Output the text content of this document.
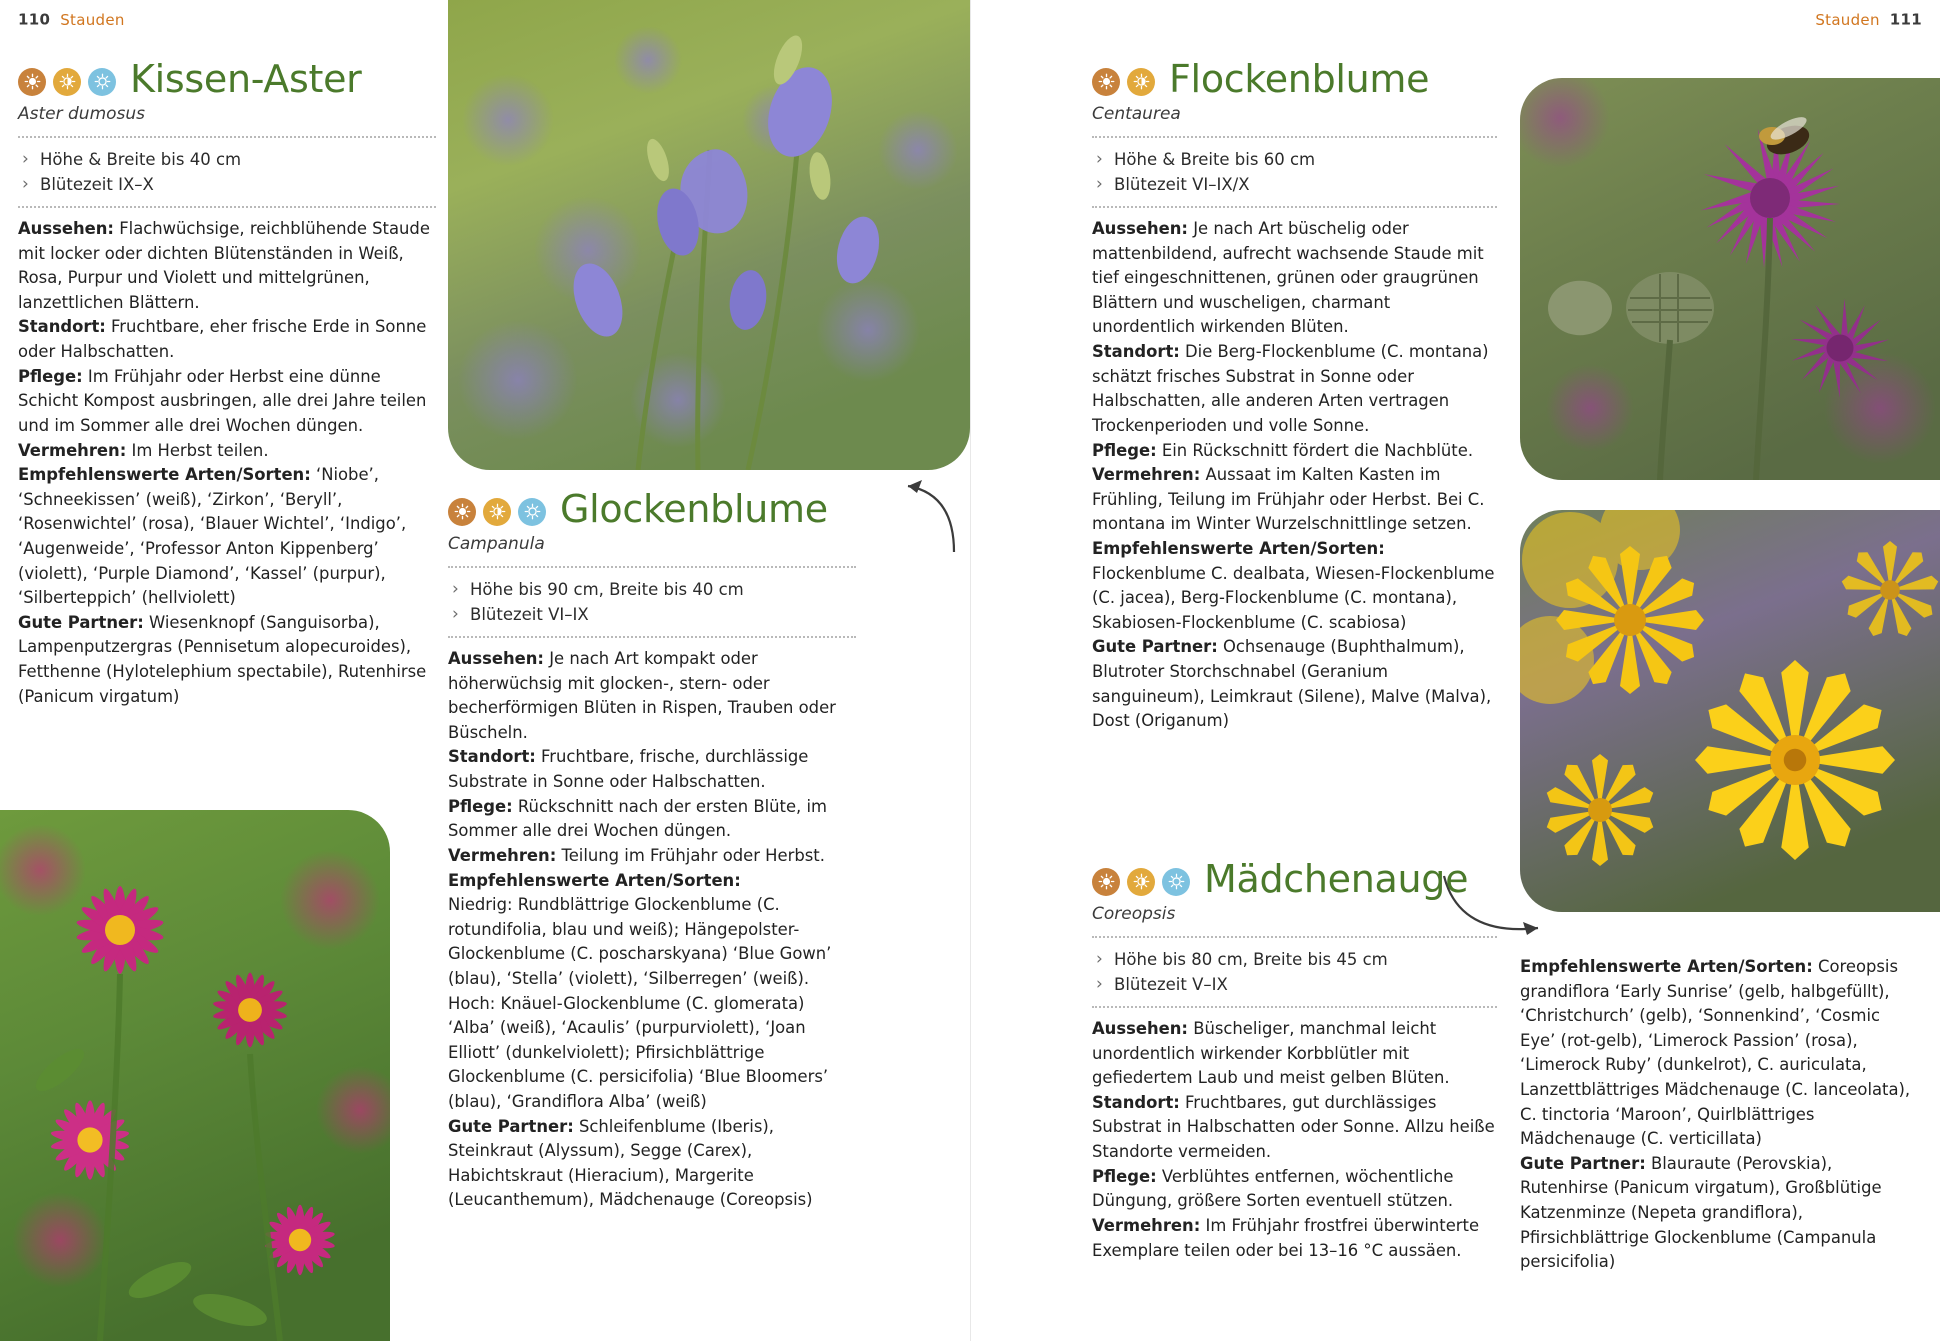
110 Stauden	Stauden 111
Kissen-Aster

Aster dumosus

› Höhe & Breite bis 40 cm
› Blütezeit IX–X

Aussehen: Flachwüchsige, reichblühende Staude mit locker oder dichten Blütenständen in Weiß, Rosa, Purpur und Violett und mittelgrünen, lanzettlichen Blättern.

Standort: Fruchtbare, eher frische Erde in Sonne oder Halbschatten.

Pflege: Im Frühjahr oder Herbst eine dünne Schicht Kompost ausbringen, alle drei Jahre teilen und im Sommer alle drei Wochen düngen.

Vermehren: Im Herbst teilen.

Empfehlenswerte Arten/Sorten: ‘Niobe’, ‘Schneekissen’ (weiß), ‘Zirkon’, ‘Beryll’, ‘Rosenwichtel’ (rosa), ‘Blauer Wichtel’, ‘Indigo’, ‘Augenweide’, ‘Professor Anton Kippenberg’ (violett), ‘Purple Diamond’, ‘Kassel’ (purpur), ‘Silberteppich’ (hellviolett)

Gute Partner: Wiesenknopf (Sanguisorba), Lampenputzergras (Pennisetum alopecuroides), Fetthenne (Hylotelephium spectabile), Rutenhirse (Panicum virgatum)

Glockenblume

Campanula

› Höhe bis 90 cm, Breite bis 40 cm
› Blütezeit VI–IX

Aussehen: Je nach Art kompakt oder höherwüchsig mit glocken-, stern- oder becherförmigen Blüten in Rispen, Trauben oder Büscheln.

Standort: Fruchtbare, frische, durchlässige Substrate in Sonne oder Halbschatten.

Pflege: Rückschnitt nach der ersten Blüte, im Sommer alle drei Wochen düngen.

Vermehren: Teilung im Frühjahr oder Herbst.

Empfehlenswerte Arten/Sorten:

Niedrig: Rundblättrige Glockenblume (C. rotundifolia, blau und weiß); Hängepolster-Glockenblume (C. poscharskyana) ‘Blue Gown’ (blau), ‘Stella’ (violett), ‘Silberregen’ (weiß).

Hoch: Knäuel-Glockenblume (C. glomerata) ‘Alba’ (weiß), ‘Acaulis’ (purpurviolett), ‘Joan Elliott’ (dunkelviolett); Pfirsichblättrige Glockenblume (C. persicifolia) ‘Blue Bloomers’ (blau), ‘Grandiflora Alba’ (weiß)

Gute Partner: Schleifenblume (Iberis), Steinkraut (Alyssum), Segge (Carex), Habichtskraut (Hieracium), Margerite (Leucanthemum), Mädchenauge (Coreopsis)

Flockenblume

Centaurea

› Höhe & Breite bis 60 cm
› Blütezeit VI–IX/X

Aussehen: Je nach Art büschelig oder mattenbildend, aufrecht wachsende Staude mit tief eingeschnittenen, grünen oder graugrünen Blättern und wuscheligen, charmant unordentlich wirkenden Blüten.

Standort: Die Berg-Flockenblume (C. montana) schätzt frisches Substrat in Sonne oder Halbschatten, alle anderen Arten vertragen Trockenperioden und volle Sonne.

Pflege: Ein Rückschnitt fördert die Nachblüte.

Vermehren: Aussaat im Kalten Kasten im Frühling, Teilung im Frühjahr oder Herbst. Bei C. montana im Winter Wurzelschnittlinge setzen.

Empfehlenswerte Arten/Sorten: Flockenblume C. dealbata, Wiesen-Flockenblume (C. jacea), Berg-Flockenblume (C. montana), Skabiosen-Flockenblume (C. scabiosa)

Gute Partner: Ochsenauge (Buphthalmum), Blutroter Storchschnabel (Geranium sanguineum), Leimkraut (Silene), Malve (Malva), Dost (Origanum)

Mädchenauge

Coreopsis

› Höhe bis 80 cm, Breite bis 45 cm
› Blütezeit V–IX

Aussehen: Büscheliger, manchmal leicht unordentlich wirkender Korbblütler mit gefiedertem Laub und meist gelben Blüten.

Standort: Fruchtbares, gut durchlässiges Substrat in Halbschatten oder Sonne. Allzu heiße Standorte vermeiden.

Pflege: Verblühtes entfernen, wöchentliche Düngung, größere Sorten eventuell stützen.

Vermehren: Im Frühjahr frostfrei überwinterte Exemplare teilen oder bei 13–16 °C aussäen.

Empfehlenswerte Arten/Sorten: Coreopsis grandiflora ‘Early Sunrise’ (gelb, halbgefüllt), ‘Christchurch’ (gelb), ‘Sonnenkind’, ‘Cosmic Eye’ (rot-gelb), ‘Limerock Passion’ (rosa), ‘Limerock Ruby’ (dunkelrot), C. auriculata, Lanzettblättriges Mädchenauge (C. lanceolata), C. tinctoria ‘Maroon’, Quirlblättriges Mädchenauge (C. verticillata)

Gute Partner: Blauraute (Perovskia), Rutenhirse (Panicum virgatum), Großblütige Katzenminze (Nepeta grandiflora), Pfirsichblättrige Glockenblume (Campanula persicifolia)
